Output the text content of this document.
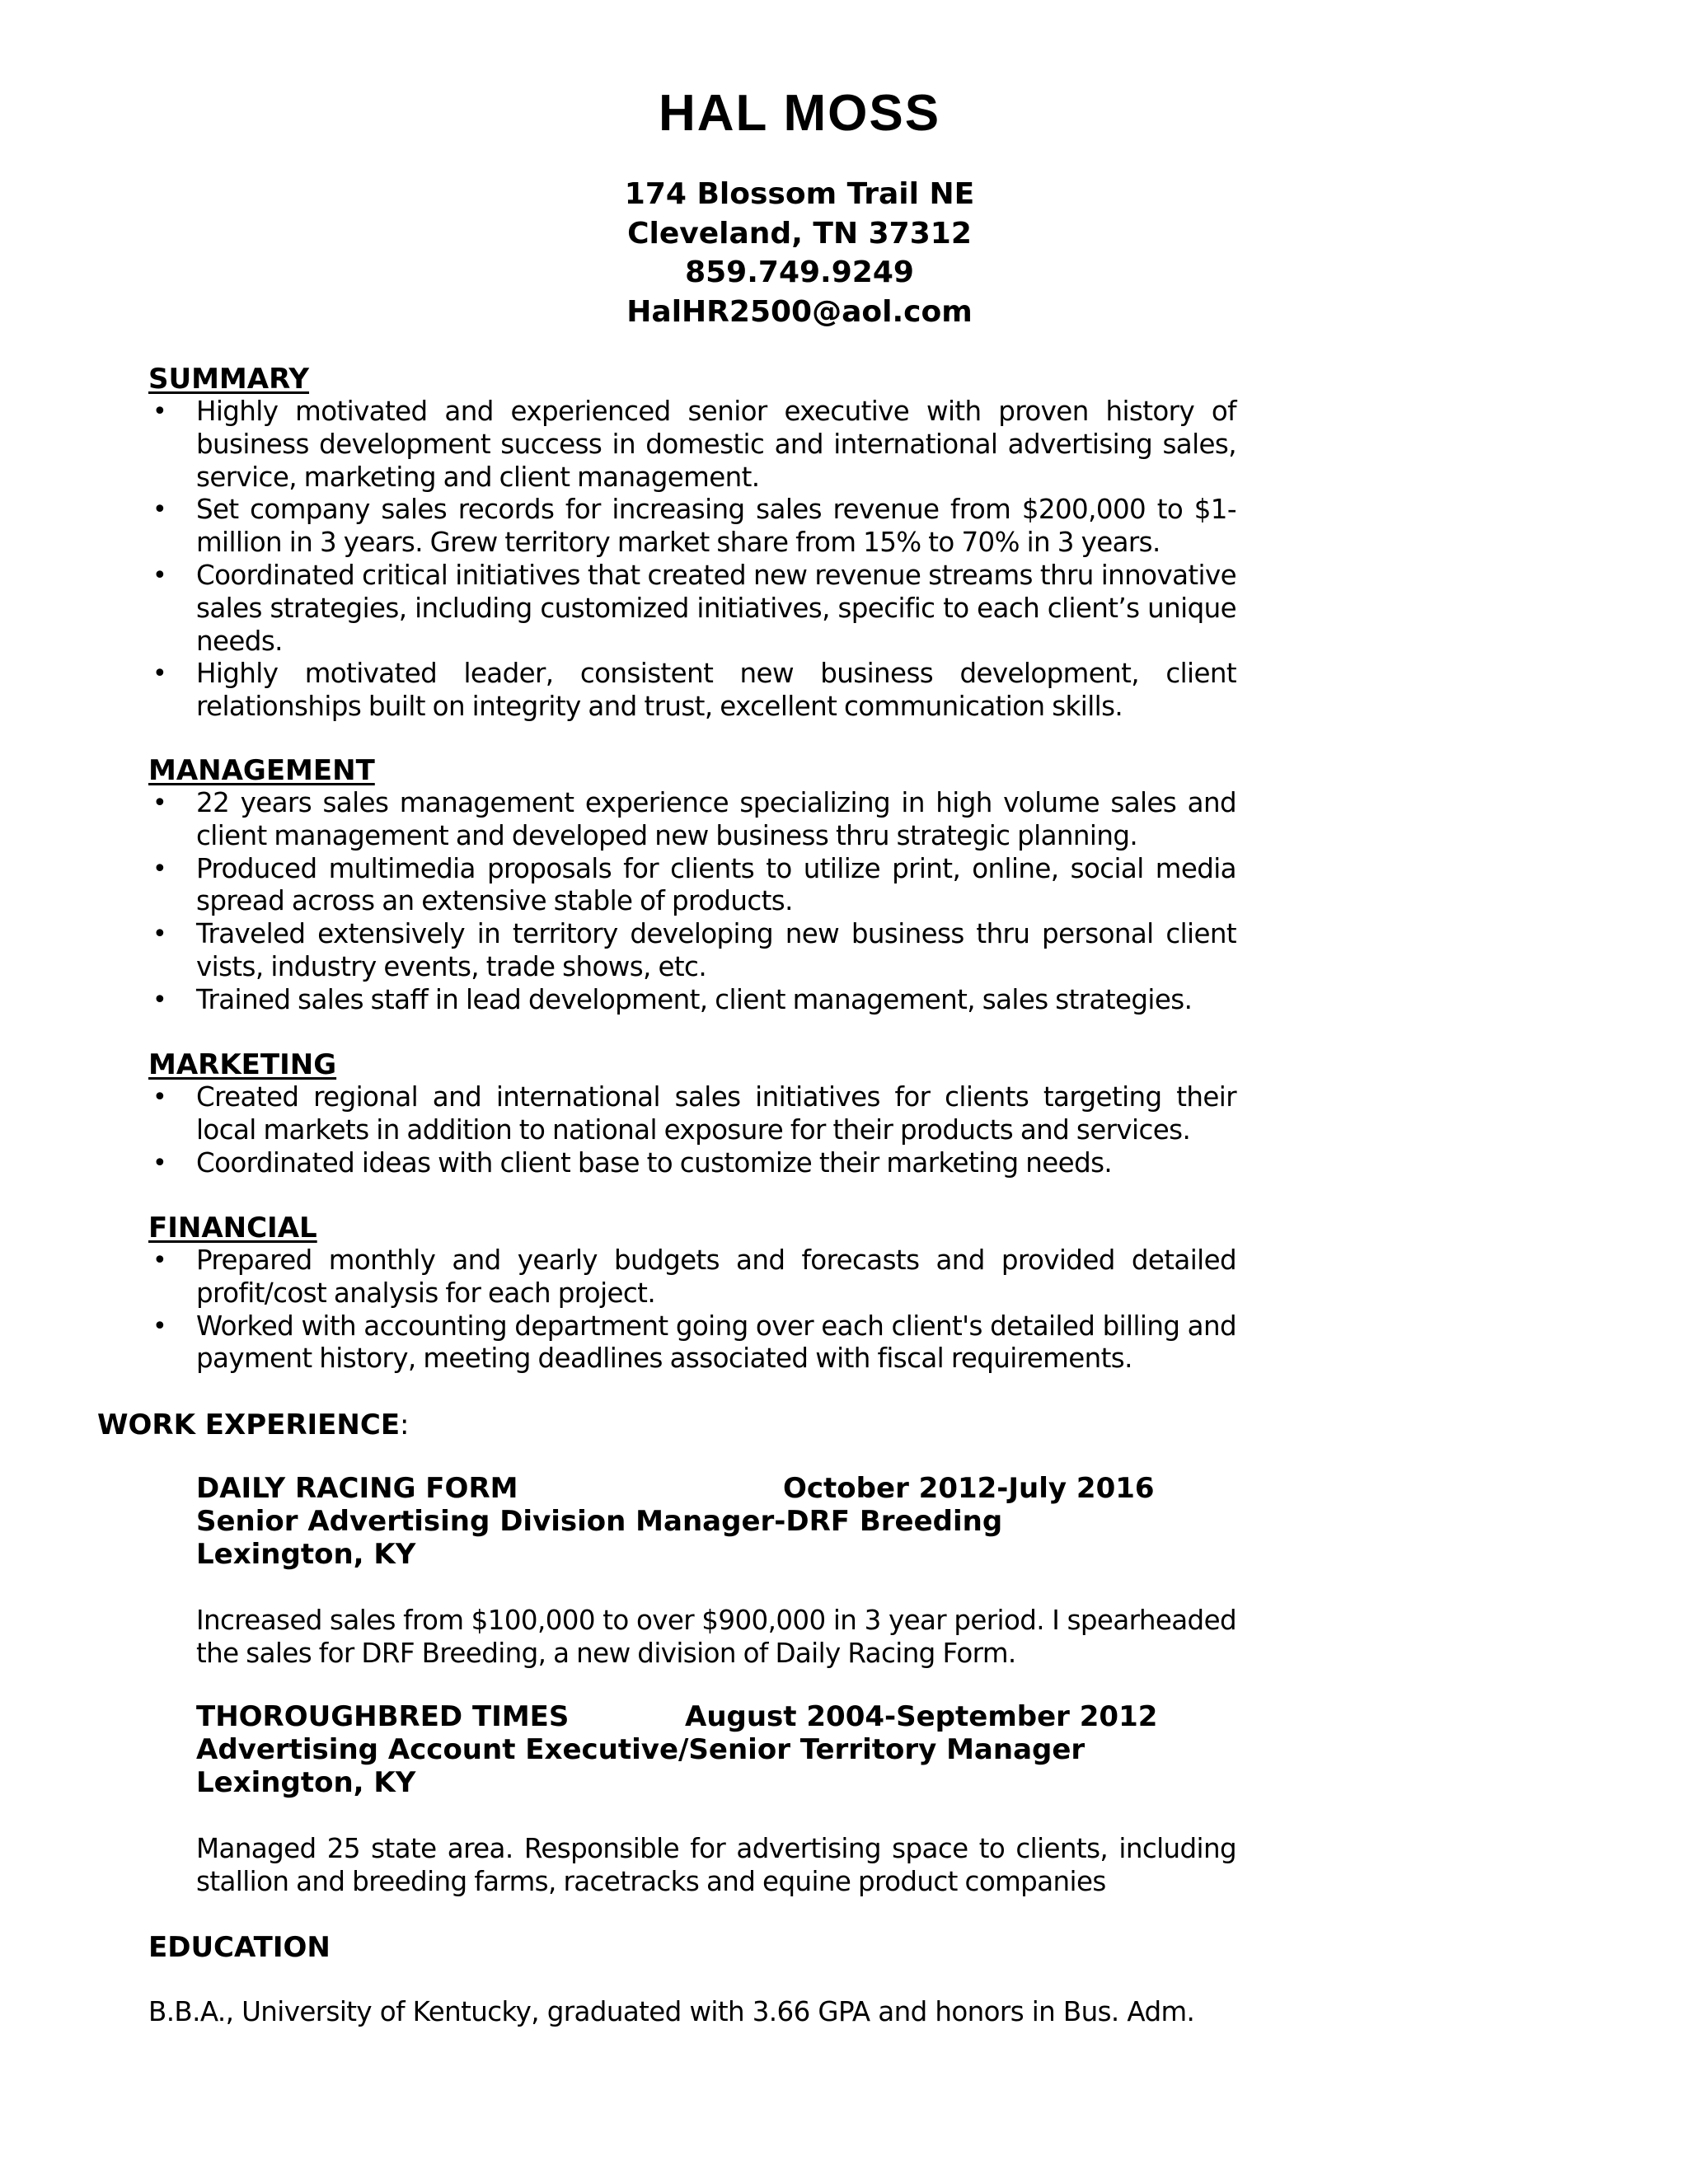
HAL MOSS
174 Blossom Trail NE
Cleveland, TN 37312
859.749.9249
HalHR2500@aol.com
SUMMARY
• Highly motivated and experienced senior executive with proven history of business development success in domestic and international advertising sales, service, marketing and client management.
• Set company sales records for increasing sales revenue from $200,000 to $1-million in 3 years. Grew territory market share from 15% to 70% in 3 years.
• Coordinated critical initiatives that created new revenue streams thru innovative sales strategies, including customized initiatives, specific to each client’s unique needs.
• Highly motivated leader, consistent new business development, client relationships built on integrity and trust, excellent communication skills.
MANAGEMENT
• 22 years sales management experience specializing in high volume sales and client management and developed new business thru strategic planning.
• Produced multimedia proposals for clients to utilize print, online, social media spread across an extensive stable of products.
• Traveled extensively in territory developing new business thru personal client vists, industry events, trade shows, etc.
• Trained sales staff in lead development, client management, sales strategies.
MARKETING
• Created regional and international sales initiatives for clients targeting their local markets in addition to national exposure for their products and services.
• Coordinated ideas with client base to customize their marketing needs.
FINANCIAL
• Prepared monthly and yearly budgets and forecasts and provided detailed profit/cost analysis for each project.
• Worked with accounting department going over each client's detailed billing and payment history, meeting deadlines associated with fiscal requirements.
WORK EXPERIENCE:
DAILY RACING FORM	October 2012-July 2016
Senior Advertising Division Manager-DRF Breeding
Lexington, KY
Increased sales from $100,000 to over $900,000 in 3 year period. I spearheaded the sales for DRF Breeding, a new division of Daily Racing Form.
THOROUGHBRED TIMES	August 2004-September 2012
Advertising Account Executive/Senior Territory Manager
Lexington, KY
Managed 25 state area. Responsible for advertising space to clients, including stallion and breeding farms, racetracks and equine product companies
EDUCATION
B.B.A., University of Kentucky, graduated with 3.66 GPA and honors in Bus. Adm.
